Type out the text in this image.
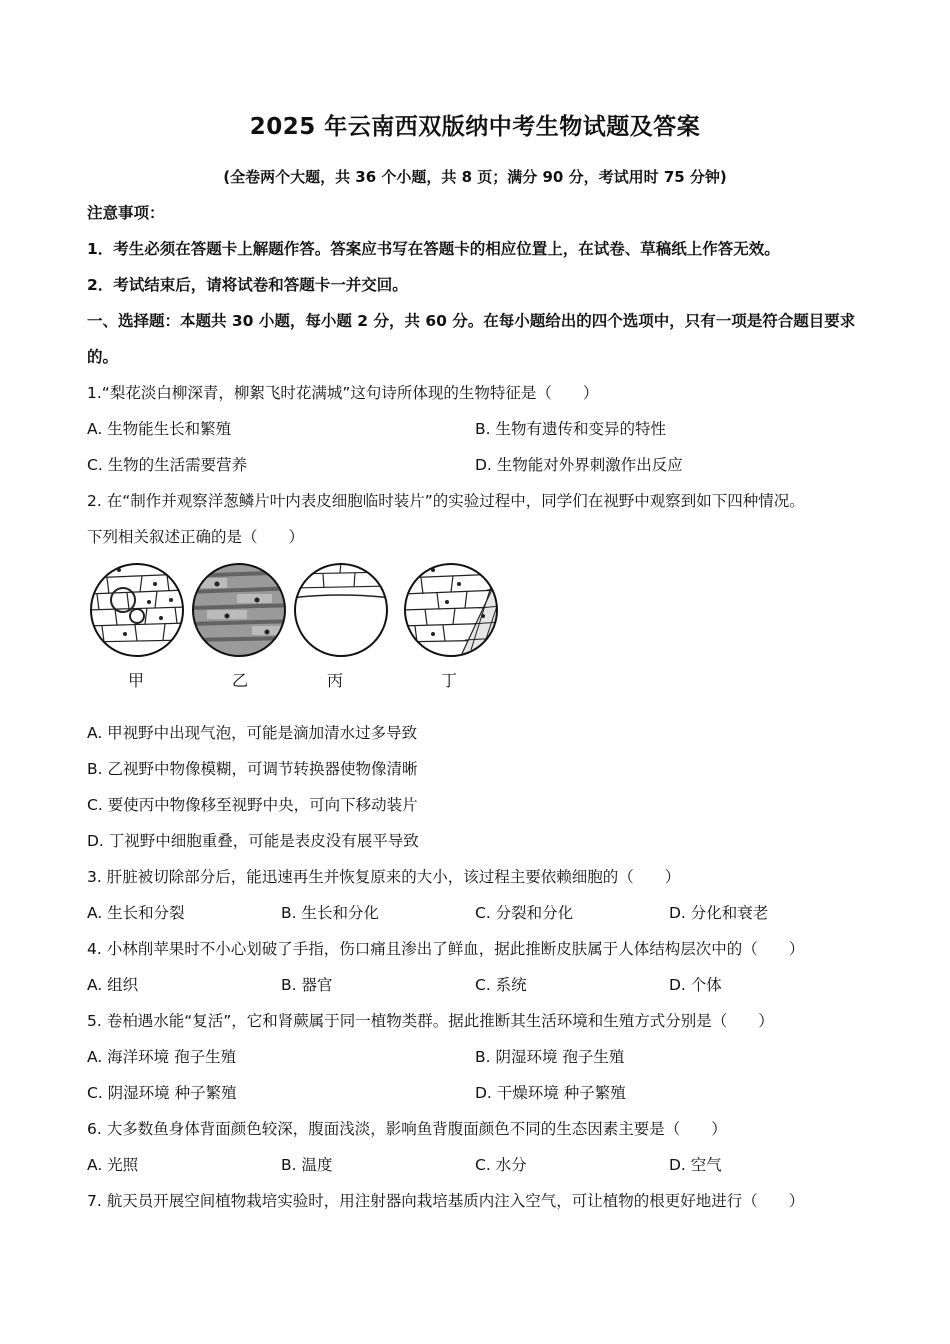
2025 年云南西双版纳中考生物试题及答案
(全卷两个大题，共 36 个小题，共 8 页；满分 90 分，考试用时 75 分钟)
注意事项：
1．考生必须在答题卡上解题作答。答案应书写在答题卡的相应位置上，在试卷、草稿纸上作答无效。
2．考试结束后，请将试卷和答题卡一并交回。
一、选择题：本题共 30 小题，每小题 2 分，共 60 分。在每小题给出的四个选项中，只有一项是符合题目要求
的。
1.“梨花淡白柳深青，柳絮飞时花满城”这句诗所体现的生物特征是（　　）
A. 生物能生长和繁殖	B. 生物有遗传和变异的特性
C. 生物的生活需要营养	D. 生物能对外界刺激作出反应
2. 在“制作并观察洋葱鳞片叶内表皮细胞临时装片”的实验过程中，同学们在视野中观察到如下四种情况。
下列相关叙述正确的是（　　）
甲	乙	丙	丁
A. 甲视野中出现气泡，可能是滴加清水过多导致
B. 乙视野中物像模糊，可调节转换器使物像清晰
C. 要使丙中物像移至视野中央，可向下移动装片
D. 丁视野中细胞重叠，可能是表皮没有展平导致
3. 肝脏被切除部分后，能迅速再生并恢复原来的大小，该过程主要依赖细胞的（　　）
A. 生长和分裂	B. 生长和分化	C. 分裂和分化	D. 分化和衰老
4. 小林削苹果时不小心划破了手指，伤口痛且渗出了鲜血，据此推断皮肤属于人体结构层次中的（　　）
A. 组织	B. 器官	C. 系统	D. 个体
5. 卷柏遇水能“复活”，它和肾蕨属于同一植物类群。据此推断其生活环境和生殖方式分别是（　　）
A. 海洋环境 孢子生殖	B. 阴湿环境 孢子生殖
C. 阴湿环境 种子繁殖	D. 干燥环境 种子繁殖
6. 大多数鱼身体背面颜色较深，腹面浅淡，影响鱼背腹面颜色不同的生态因素主要是（　　）
A. 光照	B. 温度	C. 水分	D. 空气
7. 航天员开展空间植物栽培实验时，用注射器向栽培基质内注入空气，可让植物的根更好地进行（　　）
